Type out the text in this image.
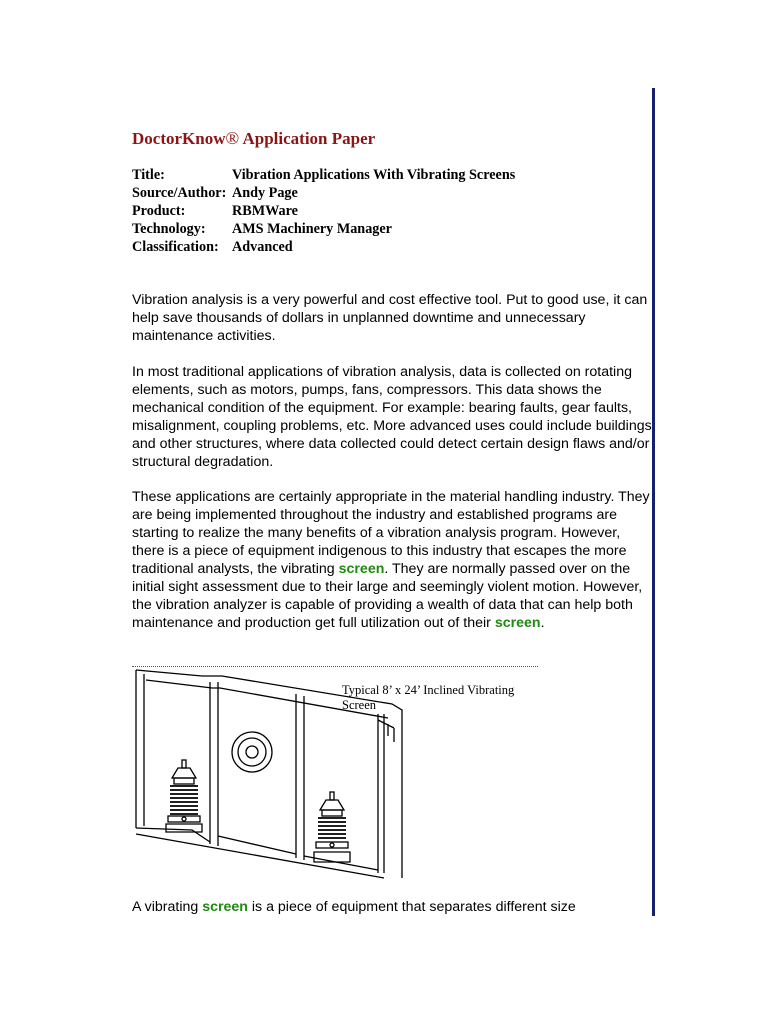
DoctorKnow® Application Paper
Title:	Vibration Applications With Vibrating Screens
Source/Author: Andy Page
Product:	RBMWare
Technology:	AMS Machinery Manager
Classification: Advanced

Vibration analysis is a very powerful and cost effective tool. Put to good use, it can help save thousands of dollars in unplanned downtime and unnecessary maintenance activities.

In most traditional applications of vibration analysis, data is collected on rotating elements, such as motors, pumps, fans, compressors. This data shows the mechanical condition of the equipment. For example: bearing faults, gear faults, misalignment, coupling problems, etc. More advanced uses could include buildings and other structures, where data collected could detect certain design flaws and/or structural degradation.

These applications are certainly appropriate in the material handling industry. They are being implemented throughout the industry and established programs are starting to realize the many benefits of a vibration analysis program. However, there is a piece of equipment indigenous to this industry that escapes the more traditional analysts, the vibrating screen. They are normally passed over on the initial sight assessment due to their large and seemingly violent motion. However, the vibration analyzer is capable of providing a wealth of data that can help both maintenance and production get full utilization out of their screen.

Typical 8’ x 24’ Inclined Vibrating
Screen

A vibrating screen is a piece of equipment that separates different size
